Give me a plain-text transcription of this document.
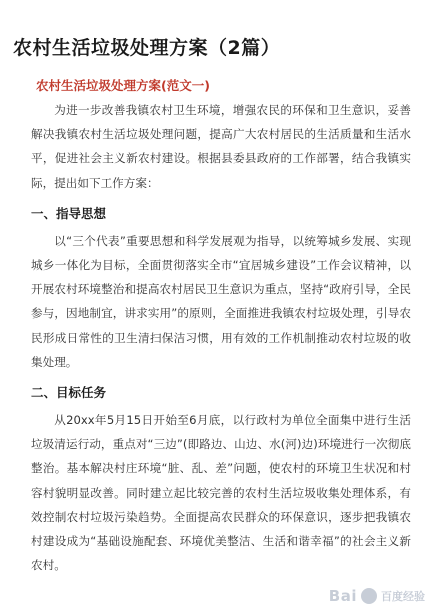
农村生活垃圾处理方案（2篇）
农村生活垃圾处理方案(范文一)

为进一步改善我镇农村卫生环境，增强农民的环保和卫生意识，妥善解决我镇农村生活垃圾处理问题，提高广大农村居民的生活质量和生活水平，促进社会主义新农村建设。根据县委县政府的工作部署，结合我镇实际，提出如下工作方案：

一、指导思想

以“三个代表”重要思想和科学发展观为指导，以统筹城乡发展、实现城乡一体化为目标，全面贯彻落实全市“宜居城乡建设”工作会议精神，以开展农村环境整治和提高农村居民卫生意识为重点，坚持“政府引导，全民参与，因地制宜，讲求实用”的原则，全面推进我镇农村垃圾处理，引导农民形成日常性的卫生清扫保洁习惯，用有效的工作机制推动农村垃圾的收集处理。

二、目标任务

从20xx年5月15日开始至6月底，以行政村为单位全面集中进行生活垃圾清运行动，重点对“三边”(即路边、山边、水(河)边)环境进行一次彻底整治。基本解决村庄环境“脏、乱、差”问题，使农村的环境卫生状况和村容村貌明显改善。同时建立起比较完善的农村生活垃圾收集处理体系，有效控制农村垃圾污染趋势。全面提高农民群众的环保意识，逐步把我镇农村建设成为“基础设施配套、环境优美整洁、生活和谐幸福”的社会主义新农村。

Bai 百度经验
